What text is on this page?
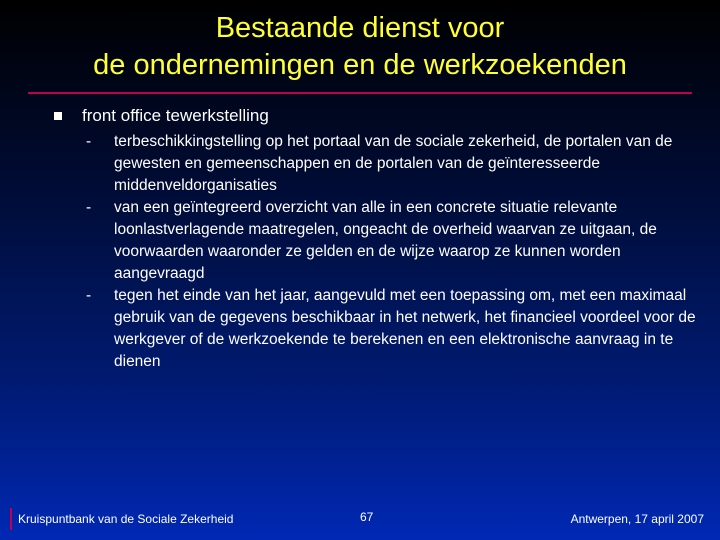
Bestaande dienst voor
de ondernemingen en de werkzoekenden
front office tewerkstelling
- terbeschikkingstelling op het portaal van de sociale zekerheid, de portalen van de gewesten en gemeenschappen en de portalen van de geïnteresseerde middenveldorganisaties
- van een geïntegreerd overzicht van alle in een concrete situatie relevante loonlastverlagende maatregelen, ongeacht de overheid waarvan ze uitgaan, de voorwaarden waaronder ze gelden en de wijze waarop ze kunnen worden aangevraagd
- tegen het einde van het jaar, aangevuld met een toepassing om, met een maximaal gebruik van de gegevens beschikbaar in het netwerk, het financieel voordeel voor de werkgever of de werkzoekende te berekenen en een elektronische aanvraag in te dienen
Kruispuntbank van de Sociale Zekerheid	67	Antwerpen, 17 april 2007
